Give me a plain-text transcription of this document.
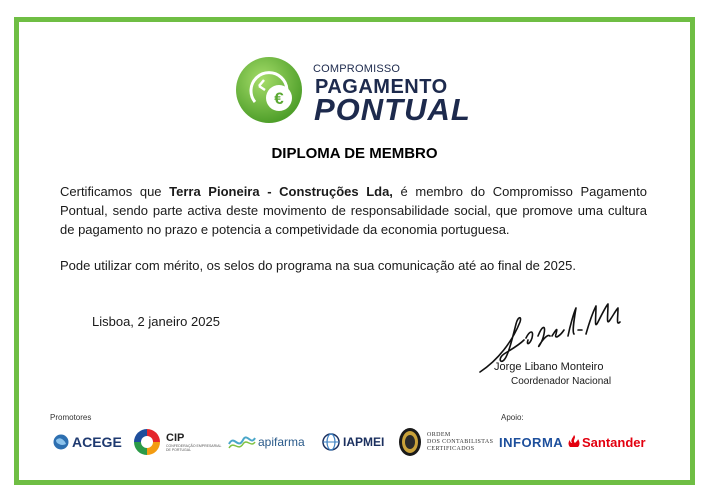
€
COMPROMISSO
PAGAMENTO
PONTUAL
DIPLOMA DE MEMBRO
Certificamos que Terra Pioneira - Construções Lda, é membro do Compromisso Pagamento Pontual, sendo parte activa deste movimento de responsabilidade social, que promove uma cultura de pagamento no prazo e potencia a competividade da economia portuguesa.
Pode utilizar com mérito, os selos do programa na sua comunicação até ao final de 2025.
Lisboa, 2 janeiro 2025
Jorge Libano Monteiro
Coordenador Nacional
Promotores	Apoio:
ACEGE	CIP
CONFEDERAÇÃO EMPRESARIAL
DE PORTUGAL
apifarma	IAPMEI
ORDEM
DOS CONTABILISTAS
CERTIFICADOS	INFORMA Santander
